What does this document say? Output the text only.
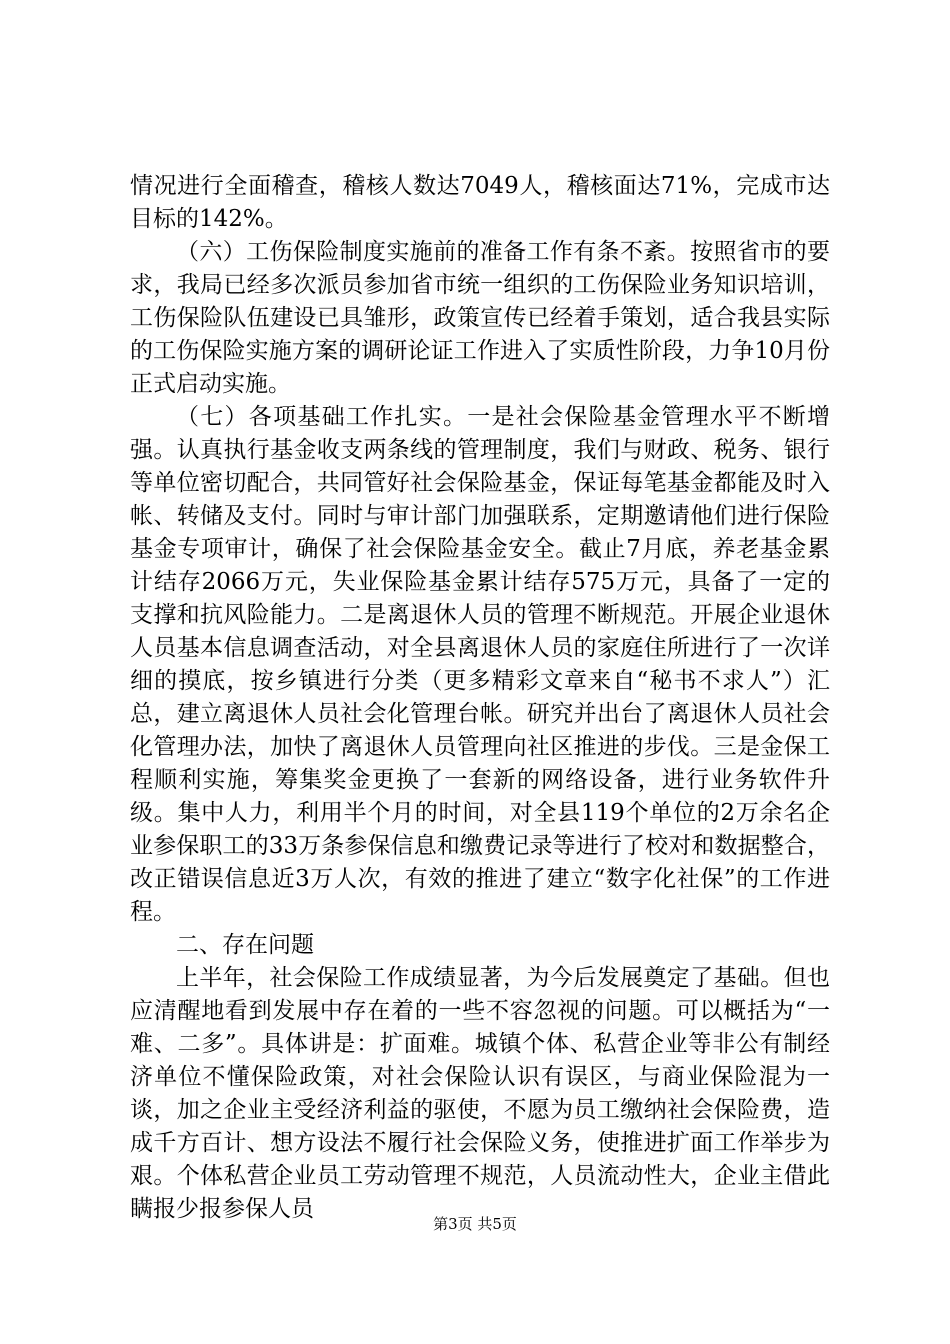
情况进行全面稽查，稽核人数达7049人，稽核面达71%，完成市达目标的142%。

（六）工伤保险制度实施前的准备工作有条不紊。按照省市的要求，我局已经多次派员参加省市统一组织的工伤保险业务知识培训，工伤保险队伍建设已具雏形，政策宣传已经着手策划，适合我县实际的工伤保险实施方案的调研论证工作进入了实质性阶段，力争10月份正式启动实施。

（七）各项基础工作扎实。一是社会保险基金管理水平不断增强。认真执行基金收支两条线的管理制度，我们与财政、税务、银行等单位密切配合，共同管好社会保险基金，保证每笔基金都能及时入帐、转储及支付。同时与审计部门加强联系，定期邀请他们进行保险基金专项审计，确保了社会保险基金安全。截止7月底，养老基金累计结存2066万元，失业保险基金累计结存575万元，具备了一定的支撑和抗风险能力。二是离退休人员的管理不断规范。开展企业退休人员基本信息调查活动，对全县离退休人员的家庭住所进行了一次详细的摸底，按乡镇进行分类（更多精彩文章来自“秘书不求人”）汇总，建立离退休人员社会化管理台帐。研究并出台了离退休人员社会化管理办法，加快了离退休人员管理向社区推进的步伐。三是金保工程顺利实施，筹集奖金更换了一套新的网络设备，进行业务软件升级。集中人力，利用半个月的时间，对全县119个单位的2万余名企业参保职工的33万条参保信息和缴费记录等进行了校对和数据整合，改正错误信息近3万人次，有效的推进了建立“数字化社保”的工作进程。

二、存在问题

上半年，社会保险工作成绩显著，为今后发展奠定了基础。但也应清醒地看到发展中存在着的一些不容忽视的问题。可以概括为“一难、二多”。具体讲是：扩面难。城镇个体、私营企业等非公有制经济单位不懂保险政策，对社会保险认识有误区，与商业保险混为一谈，加之企业主受经济利益的驱使，不愿为员工缴纳社会保险费，造成千方百计、想方设法不履行社会保险义务，使推进扩面工作举步为艰。个体私营企业员工劳动管理不规范，人员流动性大，企业主借此瞒报少报参保人员

第3页 共5页
